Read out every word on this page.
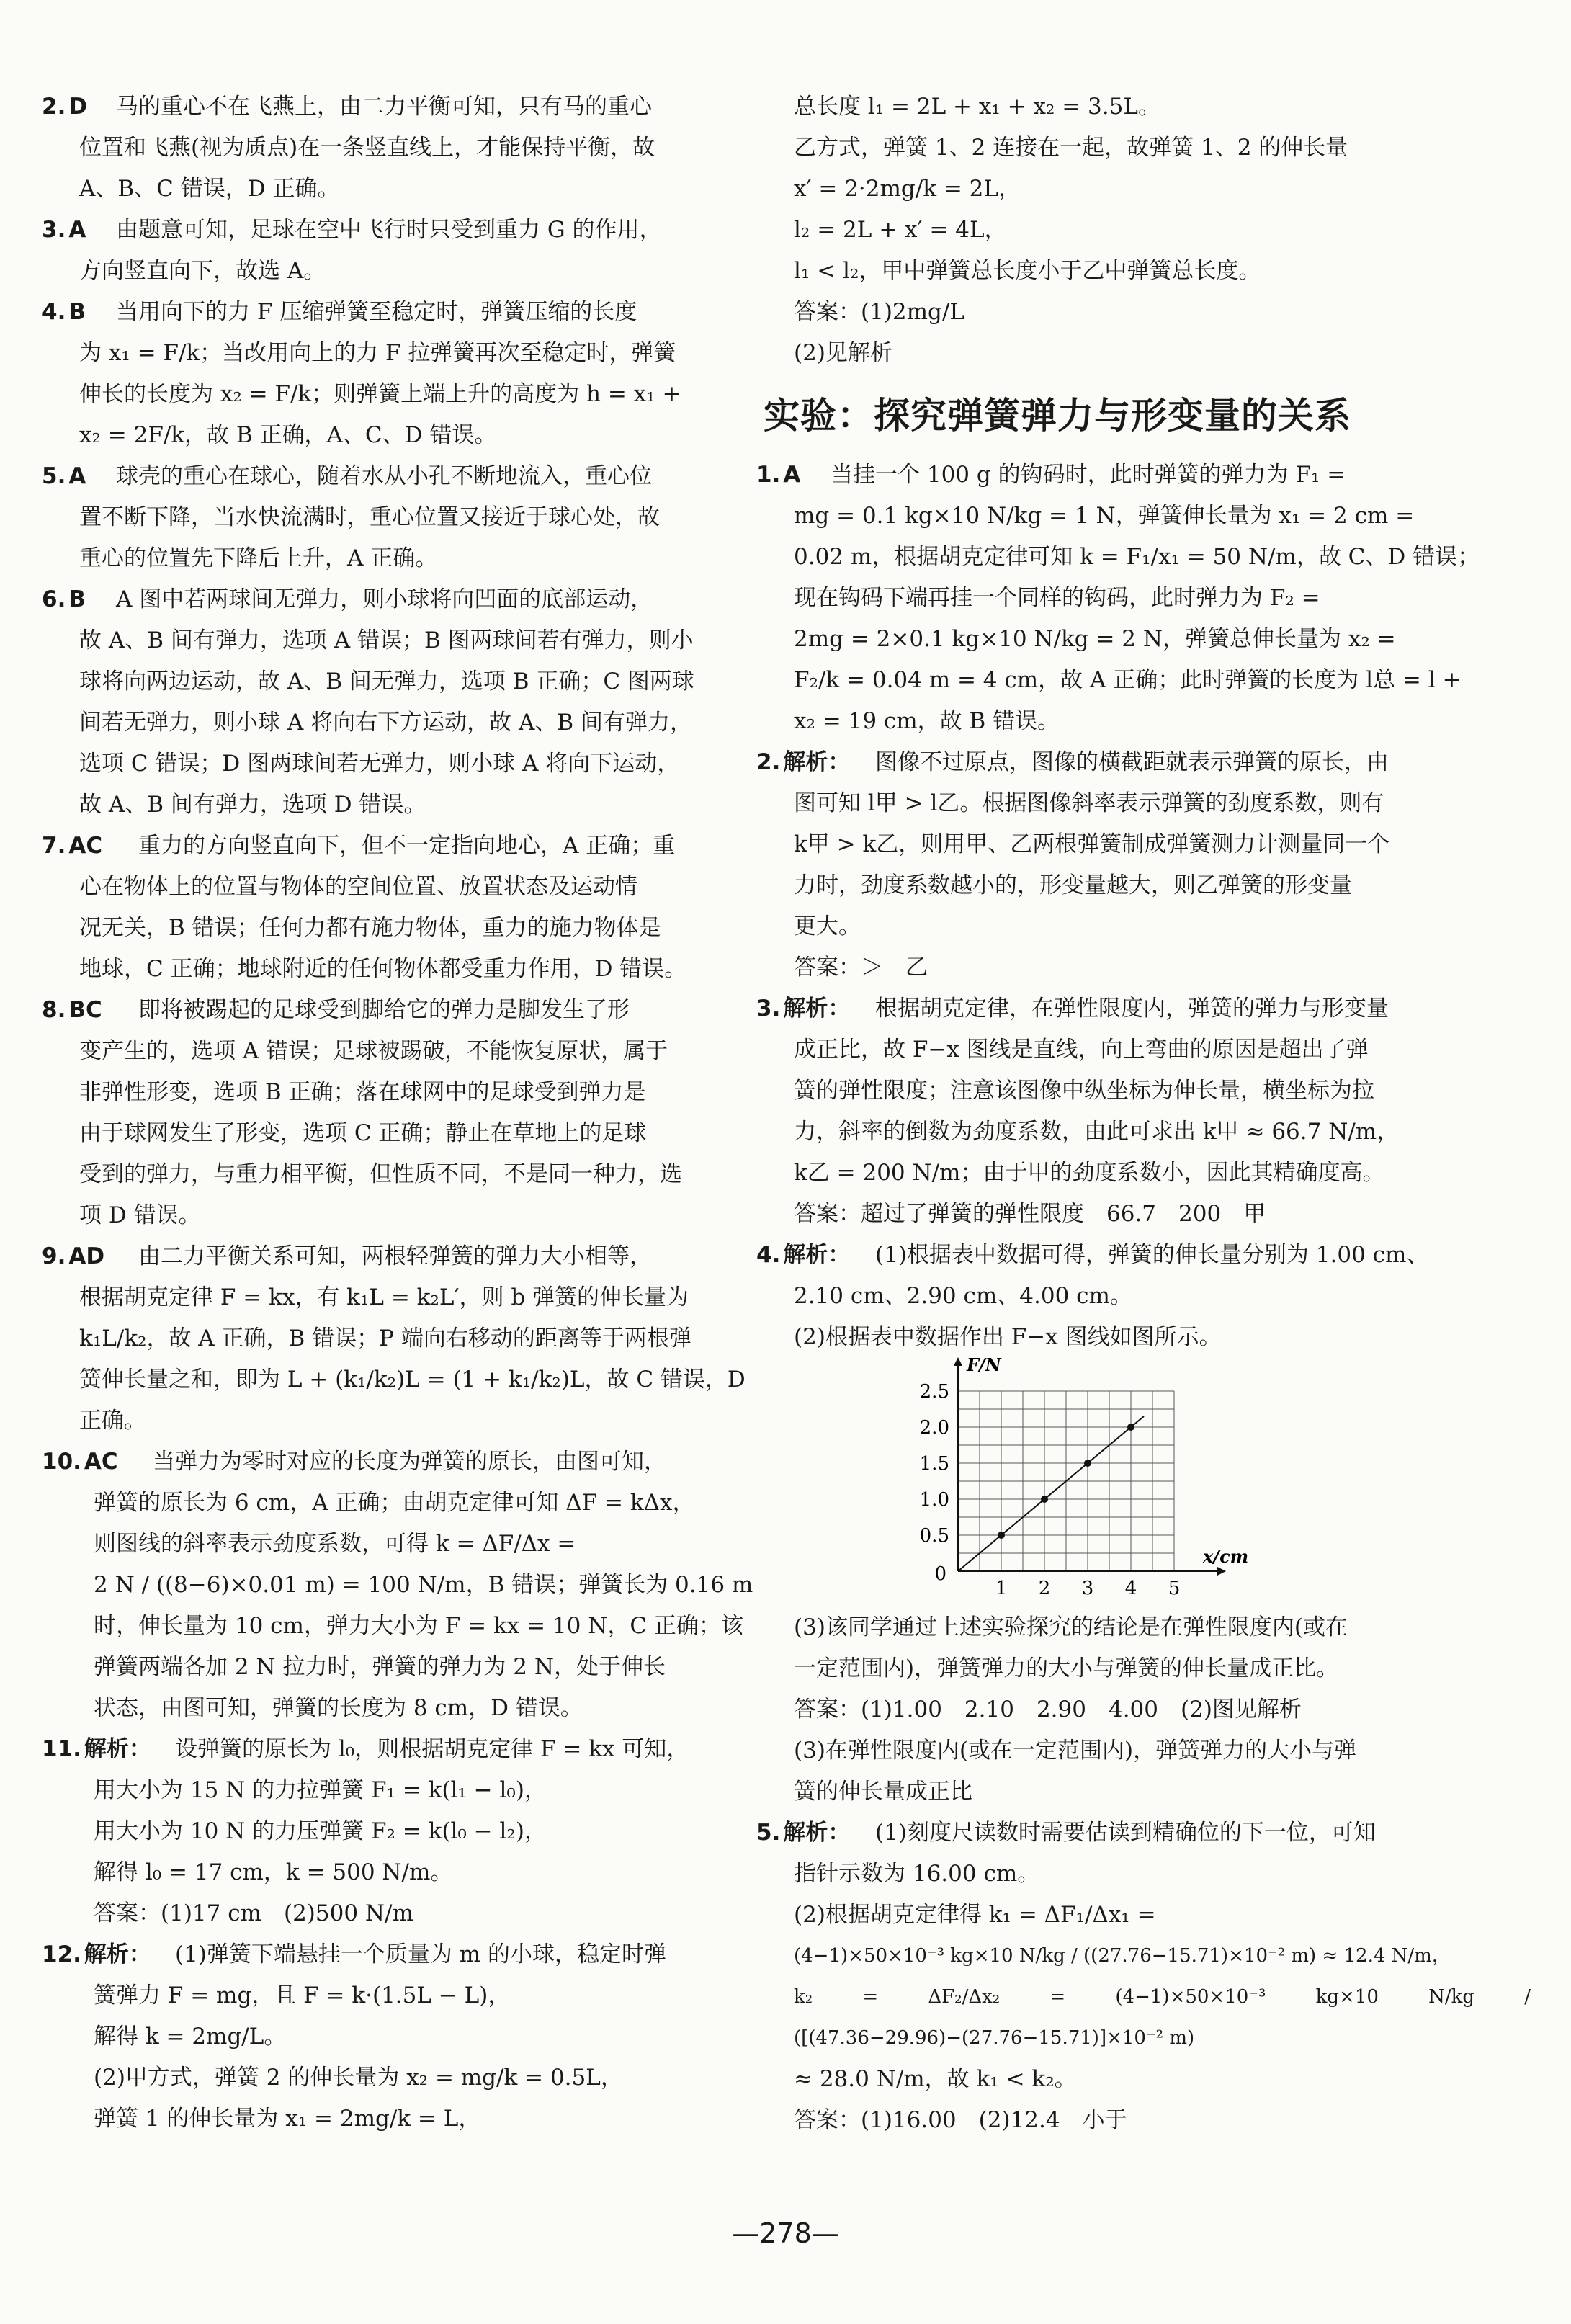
2. D	马的重心不在飞燕上，由二力平衡可知，只有马的重心

位置和飞燕(视为质点)在一条竖直线上，才能保持平衡，故

A、B、C 错误，D 正确。

3. A	由题意可知，足球在空中飞行时只受到重力 G 的作用，

方向竖直向下，故选 A。

4. B	当用向下的力 F 压缩弹簧至稳定时，弹簧压缩的长度

为 x₁ = F/k；当改用向上的力 F 拉弹簧再次至稳定时，弹簧

伸长的长度为 x₂ = F/k；则弹簧上端上升的高度为 h = x₁ +

x₂ = 2F/k，故 B 正确，A、C、D 错误。

5. A	球壳的重心在球心，随着水从小孔不断地流入，重心位

置不断下降，当水快流满时，重心位置又接近于球心处，故

重心的位置先下降后上升，A 正确。

6. B	A 图中若两球间无弹力，则小球将向凹面的底部运动，

故 A、B 间有弹力，选项 A 错误；B 图两球间若有弹力，则小

球将向两边运动，故 A、B 间无弹力，选项 B 正确；C 图两球

间若无弹力，则小球 A 将向右下方运动，故 A、B 间有弹力，

选项 C 错误；D 图两球间若无弹力，则小球 A 将向下运动，

故 A、B 间有弹力，选项 D 错误。

7. AC	重力的方向竖直向下，但不一定指向地心，A 正确；重

心在物体上的位置与物体的空间位置、放置状态及运动情

况无关，B 错误；任何力都有施力物体，重力的施力物体是

地球，C 正确；地球附近的任何物体都受重力作用，D 错误。

8. BC	即将被踢起的足球受到脚给它的弹力是脚发生了形

变产生的，选项 A 错误；足球被踢破，不能恢复原状，属于

非弹性形变，选项 B 正确；落在球网中的足球受到弹力是

由于球网发生了形变，选项 C 正确；静止在草地上的足球

受到的弹力，与重力相平衡，但性质不同，不是同一种力，选

项 D 错误。

9. AD	由二力平衡关系可知，两根轻弹簧的弹力大小相等，

根据胡克定律 F = kx，有 k₁L = k₂L′，则 b 弹簧的伸长量为

k₁L/k₂，故 A 正确，B 错误；P 端向右移动的距离等于两根弹

簧伸长量之和，即为 L + (k₁/k₂)L = (1 + k₁/k₂)L，故 C 错误，D

正确。

10. AC	当弹力为零时对应的长度为弹簧的原长，由图可知，

弹簧的原长为 6 cm，A 正确；由胡克定律可知 ΔF = kΔx，

则图线的斜率表示劲度系数，可得 k = ΔF/Δx =

2 N / ((8−6)×0.01 m) = 100 N/m，B 错误；弹簧长为 0.16 m

时，伸长量为 10 cm，弹力大小为 F = kx = 10 N，C 正确；该

弹簧两端各加 2 N 拉力时，弹簧的弹力为 2 N，处于伸长

状态，由图可知，弹簧的长度为 8 cm，D 错误。

11. 解析：	设弹簧的原长为 l₀，则根据胡克定律 F = kx 可知，

用大小为 15 N 的力拉弹簧 F₁ = k(l₁ − l₀)，

用大小为 10 N 的力压弹簧 F₂ = k(l₀ − l₂)，

解得 l₀ = 17 cm，k = 500 N/m。

答案：(1)17 cm　(2)500 N/m

12. 解析：	(1)弹簧下端悬挂一个质量为 m 的小球，稳定时弹

簧弹力 F = mg，且 F = k·(1.5L − L)，

解得 k = 2mg/L。

(2)甲方式，弹簧 2 的伸长量为 x₂ = mg/k = 0.5L，

弹簧 1 的伸长量为 x₁ = 2mg/k = L，

总长度 l₁ = 2L + x₁ + x₂ = 3.5L。

乙方式，弹簧 1、2 连接在一起，故弹簧 1、2 的伸长量

x′ = 2·2mg/k = 2L，

l₂ = 2L + x′ = 4L，

l₁ < l₂，甲中弹簧总长度小于乙中弹簧总长度。

答案：(1)2mg/L

(2)见解析

实验：探究弹簧弹力与形变量的关系
1. A	当挂一个 100 g 的钩码时，此时弹簧的弹力为 F₁ =

mg = 0.1 kg×10 N/kg = 1 N，弹簧伸长量为 x₁ = 2 cm =

0.02 m，根据胡克定律可知 k = F₁/x₁ = 50 N/m，故 C、D 错误；

现在钩码下端再挂一个同样的钩码，此时弹力为 F₂ =

2mg = 2×0.1 kg×10 N/kg = 2 N，弹簧总伸长量为 x₂ =

F₂/k = 0.04 m = 4 cm，故 A 正确；此时弹簧的长度为 l总 = l +

x₂ = 19 cm，故 B 错误。

2. 解析：	图像不过原点，图像的横截距就表示弹簧的原长，由

图可知 l甲 > l乙。根据图像斜率表示弹簧的劲度系数，则有

k甲 > k乙，则用甲、乙两根弹簧制成弹簧测力计测量同一个

力时，劲度系数越小的，形变量越大，则乙弹簧的形变量

更大。

答案：＞　乙

3. 解析：	根据胡克定律，在弹性限度内，弹簧的弹力与形变量

成正比，故 F−x 图线是直线，向上弯曲的原因是超出了弹

簧的弹性限度；注意该图像中纵坐标为伸长量，横坐标为拉

力，斜率的倒数为劲度系数，由此可求出 k甲 ≈ 66.7 N/m，

k乙 = 200 N/m；由于甲的劲度系数小，因此其精确度高。

答案：超过了弹簧的弹性限度　66.7　200　甲

4. 解析：	(1)根据表中数据可得，弹簧的伸长量分别为 1.00 cm、

2.10 cm、2.90 cm、4.00 cm。

(2)根据表中数据作出 F−x 图线如图所示。

1 2 3 4 5
0.5
1.0
1.5
2.0
2.5
0
x/cm
F/N

(3)该同学通过上述实验探究的结论是在弹性限度内(或在

一定范围内)，弹簧弹力的大小与弹簧的伸长量成正比。

答案：(1)1.00　2.10　2.90　4.00　(2)图见解析

(3)在弹性限度内(或在一定范围内)，弹簧弹力的大小与弹

簧的伸长量成正比

5. 解析：	(1)刻度尺读数时需要估读到精确位的下一位，可知

指针示数为 16.00 cm。

(2)根据胡克定律得 k₁ = ΔF₁/Δx₁ =

(4−1)×50×10⁻³ kg×10 N/kg / ((27.76−15.71)×10⁻² m) ≈ 12.4 N/m，

k₂ = ΔF₂/Δx₂ = (4−1)×50×10⁻³ kg×10 N/kg / ([(47.36−29.96)−(27.76−15.71)]×10⁻² m)

≈ 28.0 N/m，故 k₁ < k₂。

答案：(1)16.00　(2)12.4　小于

—278—
